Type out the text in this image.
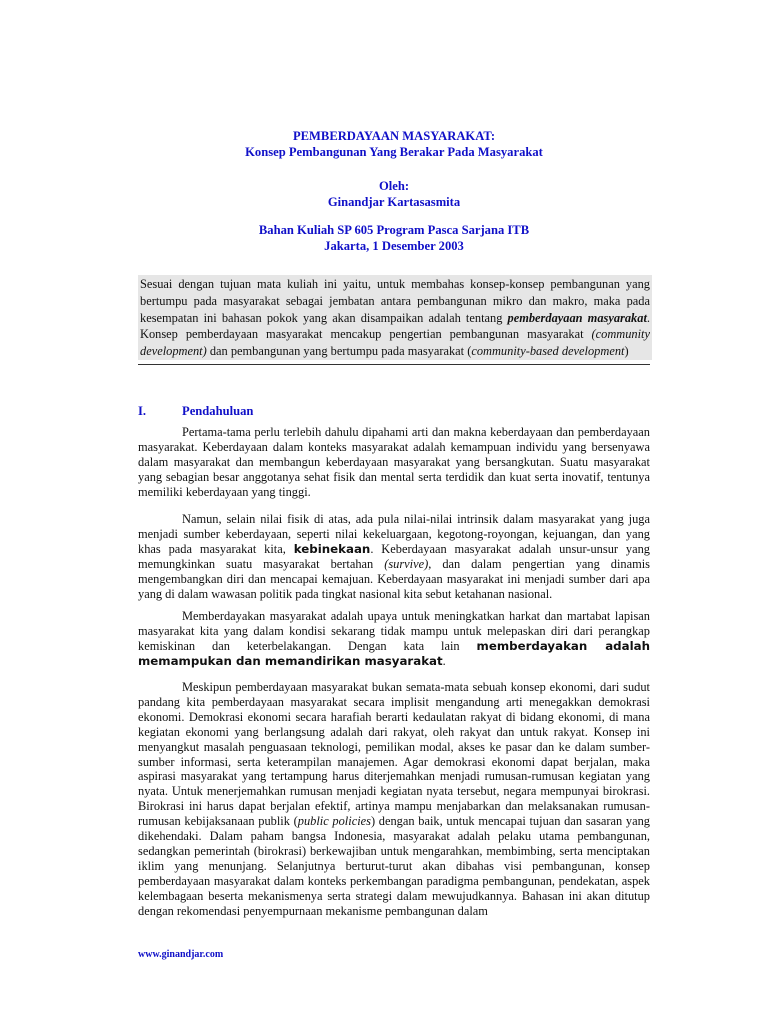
PEMBERDAYAAN MASYARAKAT:
Konsep Pembangunan Yang Berakar Pada Masyarakat
Oleh:
Ginandjar Kartasasmita
Bahan Kuliah SP 605 Program Pasca Sarjana ITB
Jakarta, 1 Desember 2003
Sesuai dengan tujuan mata kuliah ini yaitu, untuk membahas konsep-konsep pembangunan yang bertumpu pada masyarakat sebagai jembatan antara pembangunan mikro dan makro, maka pada kesempatan ini bahasan pokok yang akan disampaikan adalah tentang pemberdayaan masyarakat. Konsep pemberdayaan masyarakat mencakup pengertian pembangunan masyarakat (community development) dan pembangunan yang bertumpu pada masyarakat (community-based development)
I.	Pendahuluan
Pertama-tama perlu terlebih dahulu dipahami arti dan makna keberdayaan dan pemberdayaan masyarakat. Keberdayaan dalam konteks masyarakat adalah kemampuan individu yang bersenyawa dalam masyarakat dan membangun keberdayaan masyarakat yang bersangkutan. Suatu masyarakat yang sebagian besar anggotanya sehat fisik dan mental serta terdidik dan kuat serta inovatif, tentunya memiliki keberdayaan yang tinggi.
Namun, selain nilai fisik di atas, ada pula nilai-nilai intrinsik dalam masyarakat yang juga menjadi sumber keberdayaan, seperti nilai kekeluargaan, kegotong-royongan, kejuangan, dan yang khas pada masyarakat kita, kebinekaan. Keberdayaan masyarakat adalah unsur-unsur yang memungkinkan suatu masyarakat bertahan (survive), dan dalam pengertian yang dinamis mengembangkan diri dan mencapai kemajuan. Keberdayaan masyarakat ini menjadi sumber dari apa yang di dalam wawasan politik pada tingkat nasional kita sebut ketahanan nasional.
Memberdayakan masyarakat adalah upaya untuk meningkatkan harkat dan martabat lapisan masyarakat kita yang dalam kondisi sekarang tidak mampu untuk melepaskan diri dari perangkap kemiskinan dan keterbelakangan. Dengan kata lain memberdayakan adalah memampukan dan memandirikan masyarakat.
Meskipun pemberdayaan masyarakat bukan semata-mata sebuah konsep ekonomi, dari sudut pandang kita pemberdayaan masyarakat secara implisit mengandung arti menegakkan demokrasi ekonomi. Demokrasi ekonomi secara harafiah berarti kedaulatan rakyat di bidang ekonomi, di mana kegiatan ekonomi yang berlangsung adalah dari rakyat, oleh rakyat dan untuk rakyat. Konsep ini menyangkut masalah penguasaan teknologi, pemilikan modal, akses ke pasar dan ke dalam sumber-sumber informasi, serta keterampilan manajemen. Agar demokrasi ekonomi dapat berjalan, maka aspirasi masyarakat yang tertampung harus diterjemahkan menjadi rumusan-rumusan kegiatan yang nyata. Untuk menerjemahkan rumusan menjadi kegiatan nyata tersebut, negara mempunyai birokrasi. Birokrasi ini harus dapat berjalan efektif, artinya mampu menjabarkan dan melaksanakan rumusan-rumusan kebijaksanaan publik (public policies) dengan baik, untuk mencapai tujuan dan sasaran yang dikehendaki. Dalam paham bangsa Indonesia, masyarakat adalah pelaku utama pembangunan, sedangkan pemerintah (birokrasi) berkewajiban untuk mengarahkan, membimbing, serta menciptakan iklim yang menunjang. Selanjutnya berturut-turut akan dibahas visi pembangunan, konsep pemberdayaan masyarakat dalam konteks perkembangan paradigma pembangunan, pendekatan, aspek kelembagaan beserta mekanismenya serta strategi dalam mewujudkannya. Bahasan ini akan ditutup dengan rekomendasi penyempurnaan mekanisme pembangunan dalam
www.ginandjar.com
